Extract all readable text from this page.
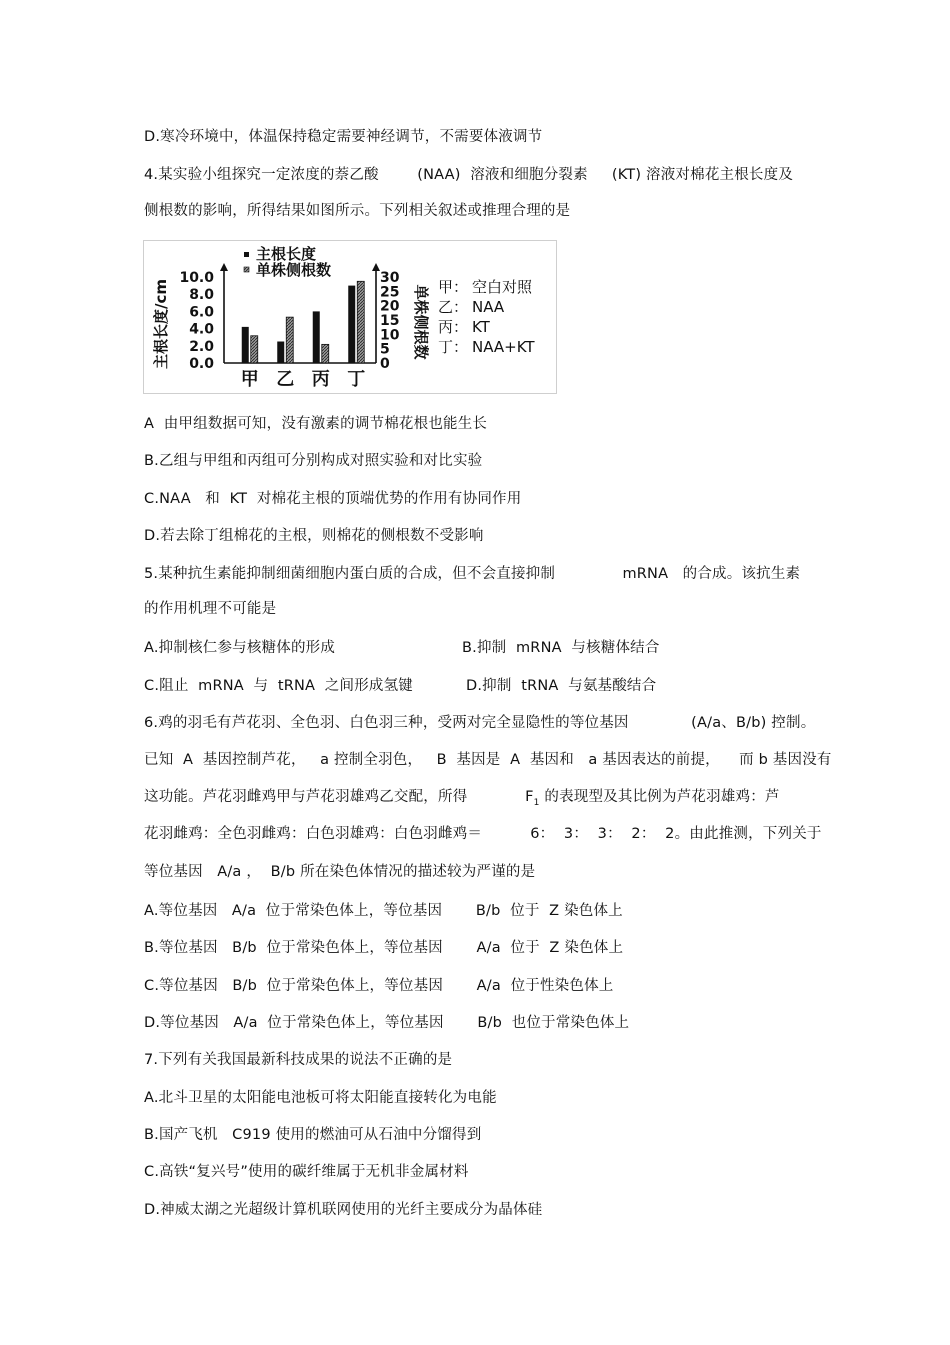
D.寒冷环境中，体温保持稳定需要神经调节，不需要体液调节
4.某实验小组探究一定浓度的萘乙酸        (NAA)  溶液和细胞分裂素     (KT) 溶液对棉花主根长度及
侧根数的影响，所得结果如图所示。下列相关叙述或推理合理的是
主根长度
单株侧根数
0.0
2.0
4.0
6.0
8.0
10.0
主根长度/cm	0
5
10
15
20
25
30
单株侧根数
甲 乙 丙 丁
甲： 空白对照
乙： NAA
丙： KT
丁： NAA+KT
A  由甲组数据可知，没有激素的调节棉花根也能生长
B.乙组与甲组和丙组可分别构成对照实验和对比实验
C.NAA   和  KT  对棉花主根的顶端优势的作用有协同作用
D.若去除丁组棉花的主根，则棉花的侧根数不受影响
5.某种抗生素能抑制细菌细胞内蛋白质的合成，但不会直接抑制              mRNA   的合成。该抗生素
的作用机理不可能是
A.抑制核仁参与核糖体的形成	B.抑制  mRNA  与核糖体结合
C.阻止  mRNA  与  tRNA  之间形成氢键	D.抑制  tRNA  与氨基酸结合
6.鸡的羽毛有芦花羽、全色羽、白色羽三种，受两对完全显隐性的等位基因             (A/a、B/b) 控制。
已知  A  基因控制芦花，   a 控制全羽色，   B  基因是  A  基因和   a 基因表达的前提，    而 b 基因没有
这功能。芦花羽雌鸡甲与芦花羽雄鸡乙交配，所得            $F_1$ 的表现型及其比例为芦花羽雄鸡：芦
花羽雌鸡：全色羽雌鸡：白色羽雄鸡：白色羽雌鸡＝          6：  3：  3：  2：  2。由此推测，下列关于
等位基因   A/a ，  B/b 所在染色体情况的描述较为严谨的是
A.等位基因   A/a  位于常染色体上，等位基因       B/b  位于  Z 染色体上
B.等位基因   B/b  位于常染色体上，等位基因       A/a  位于  Z 染色体上
C.等位基因   B/b  位于常染色体上，等位基因       A/a  位于性染色体上
D.等位基因   A/a  位于常染色体上，等位基因       B/b  也位于常染色体上
7.下列有关我国最新科技成果的说法不正确的是
A.北斗卫星的太阳能电池板可将太阳能直接转化为电能
B.国产飞机   C919 使用的燃油可从石油中分馏得到
C.高铁“复兴号”使用的碳纤维属于无机非金属材料
D.神威太湖之光超级计算机联网使用的光纤主要成分为晶体硅
